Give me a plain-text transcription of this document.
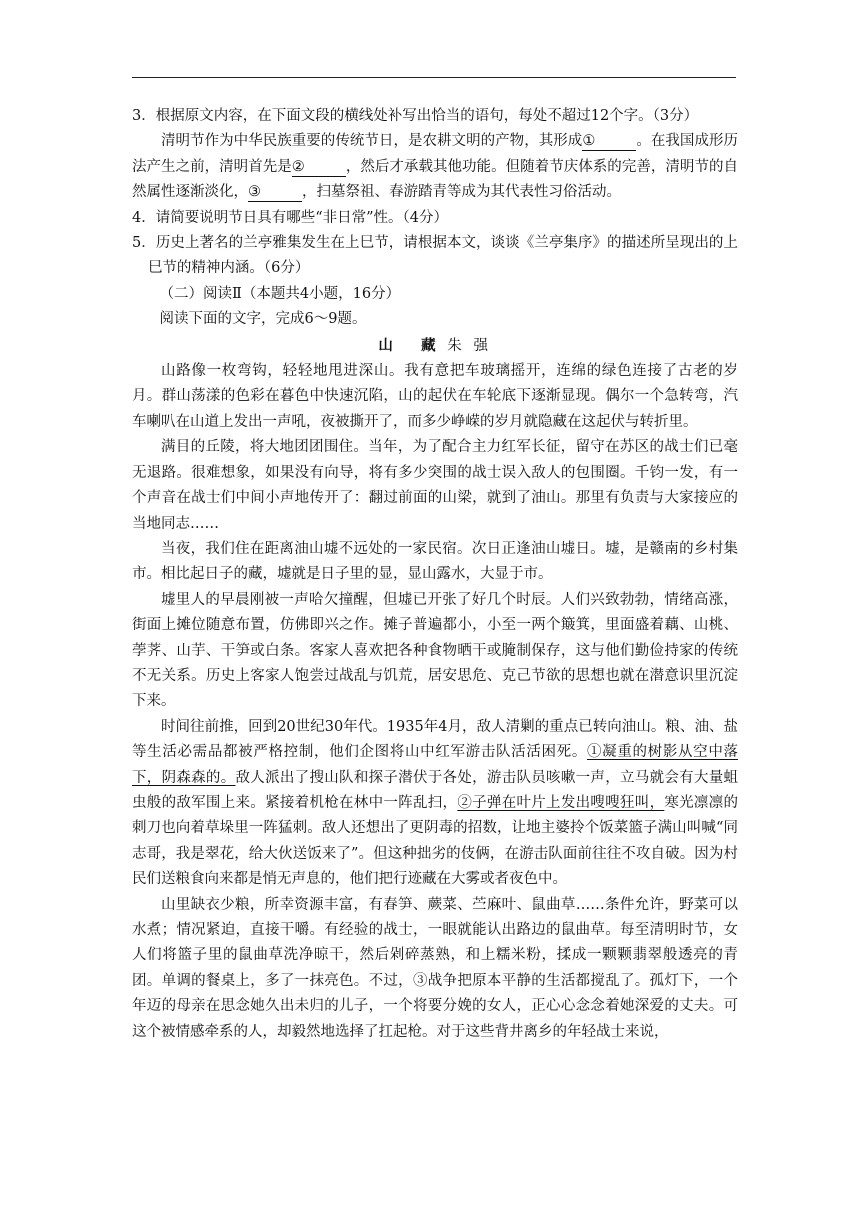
3．根据原文内容，在下面文段的横线处补写出恰当的语句，每处不超过12个字。（3分）

清明节作为中华民族重要的传统节日，是农耕文明的产物，其形成①	。在我国成形历法产生之前，清明首先是②	，然后才承载其他功能。但随着节庆体系的完善，清明节的自然属性逐渐淡化，③	，扫墓祭祖、春游踏青等成为其代表性习俗活动。

4．请简要说明节日具有哪些“非日常”性。（4分）

5．历史上著名的兰亭雅集发生在上巳节，请根据本文，谈谈《兰亭集序》的描述所呈现出的上巳节的精神内涵。（6分）

（二）阅读Ⅱ（本题共4小题，16分）

阅读下面的文字，完成6～9题。

山 藏朱 强

山路像一枚弯钩，轻轻地甩进深山。我有意把车玻璃摇开，连绵的绿色连接了古老的岁月。群山荡漾的色彩在暮色中快速沉陷，山的起伏在车轮底下逐渐显现。偶尔一个急转弯，汽车喇叭在山道上发出一声吼，夜被撕开了，而多少峥嵘的岁月就隐藏在这起伏与转折里。

满目的丘陵，将大地团团围住。当年，为了配合主力红军长征，留守在苏区的战士们已毫无退路。很难想象，如果没有向导，将有多少突围的战士误入敌人的包围圈。千钧一发，有一个声音在战士们中间小声地传开了：翻过前面的山梁，就到了油山。那里有负责与大家接应的当地同志……

当夜，我们住在距离油山墟不远处的一家民宿。次日正逢油山墟日。墟，是赣南的乡村集市。相比起日子的藏，墟就是日子里的显，显山露水，大显于市。

墟里人的早晨刚被一声哈欠撞醒，但墟已开张了好几个时辰。人们兴致勃勃，情绪高涨，街面上摊位随意布置，仿佛即兴之作。摊子普遍都小，小至一两个簸箕，里面盛着藕、山桃、荸荠、山芋、干笋或白条。客家人喜欢把各种食物晒干或腌制保存，这与他们勤俭持家的传统不无关系。历史上客家人饱尝过战乱与饥荒，居安思危、克己节欲的思想也就在潜意识里沉淀下来。

时间往前推，回到20世纪30年代。1935年4月，敌人清剿的重点已转向油山。粮、油、盐等生活必需品都被严格控制，他们企图将山中红军游击队活活困死。①凝重的树影从空中落下，阴森森的。敌人派出了搜山队和探子潜伏于各处，游击队员咳嗽一声，立马就会有大量蛆虫般的敌军围上来。紧接着机枪在林中一阵乱扫，②子弹在叶片上发出嗖嗖狂叫，寒光凛凛的刺刀也向着草垛里一阵猛刺。敌人还想出了更阴毒的招数，让地主婆拎个饭菜篮子满山叫喊“同志哥，我是翠花，给大伙送饭来了”。但这种拙劣的伎俩，在游击队面前往往不攻自破。因为村民们送粮食向来都是悄无声息的，他们把行迹藏在大雾或者夜色中。

山里缺衣少粮，所幸资源丰富，有春笋、蕨菜、苎麻叶、鼠曲草……条件允许，野菜可以水煮；情况紧迫，直接干嚼。有经验的战士，一眼就能认出路边的鼠曲草。每至清明时节，女人们将篮子里的鼠曲草洗净晾干，然后剁碎蒸熟，和上糯米粉，揉成一颗颗翡翠般透亮的青团。单调的餐桌上，多了一抹亮色。不过，③战争把原本平静的生活都搅乱了。孤灯下，一个年迈的母亲在思念她久出未归的儿子，一个将要分娩的女人，正心心念念着她深爱的丈夫。可这个被情感牵系的人，却毅然地选择了扛起枪。对于这些背井离乡的年轻战士来说，
